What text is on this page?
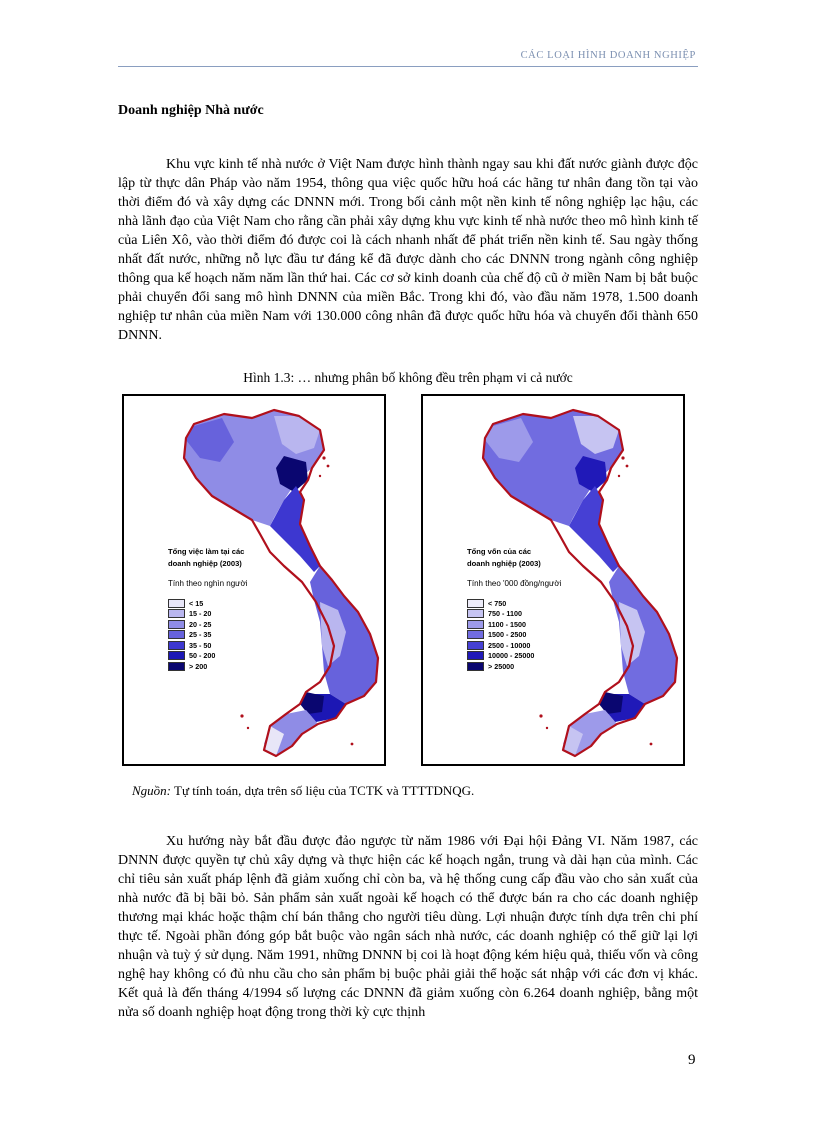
CÁC LOẠI HÌNH DOANH NGHIỆP
Doanh nghiệp Nhà nước

Khu vực kinh tế nhà nước ở Việt Nam được hình thành ngay sau khi đất nước giành được độc lập từ thực dân Pháp vào năm 1954, thông qua việc quốc hữu hoá các hãng tư nhân đang tồn tại vào thời điểm đó và xây dựng các DNNN mới. Trong bối cảnh một nền kinh tế nông nghiệp lạc hậu, các nhà lãnh đạo của Việt Nam cho rằng cần phải xây dựng khu vực kinh tế nhà nước theo mô hình kinh tế của Liên Xô, vào thời điểm đó được coi là cách nhanh nhất để phát triển nền kinh tế. Sau ngày thống nhất đất nước, những nỗ lực đầu tư đáng kể đã được dành cho các DNNN trong ngành công nghiệp thông qua kế hoạch năm năm lần thứ hai. Các cơ sở kinh doanh của chế độ cũ ở miền Nam bị bắt buộc phải chuyển đổi sang mô hình DNNN của miền Bắc. Trong khi đó, vào đầu năm 1978, 1.500 doanh nghiệp tư nhân của miền Nam với 130.000 công nhân đã được quốc hữu hóa và chuyển đổi thành 650 DNNN.

Hình 1.3: … nhưng phân bố không đều trên phạm vi cả nước
Tổng việc làm tại các
doanh nghiệp (2003)
Tính theo nghìn người
< 15
15 - 20
20 - 25
25 - 35
35 - 50
50 - 200
> 200
Tổng vốn của các
doanh nghiệp (2003)
Tính theo '000 đồng/người
< 750
750 - 1100
1100 - 1500
1500 - 2500
2500 - 10000
10000 - 25000
> 25000
Nguồn: Tự tính toán, dựa trên số liệu của TCTK và TTTTDNQG.

Xu hướng này bắt đầu được đảo ngược từ năm 1986 với Đại hội Đảng VI. Năm 1987, các DNNN được quyền tự chủ xây dựng và thực hiện các kế hoạch ngắn, trung và dài hạn của mình. Các chỉ tiêu sản xuất pháp lệnh đã giảm xuống chỉ còn ba, và hệ thống cung cấp đầu vào cho sản xuất của nhà nước đã bị bãi bỏ. Sản phẩm sản xuất ngoài kế hoạch có thể được bán ra cho các doanh nghiệp thương mại khác hoặc thậm chí bán thẳng cho người tiêu dùng. Lợi nhuận được tính dựa trên chi phí thực tế. Ngoài phần đóng góp bắt buộc vào ngân sách nhà nước, các doanh nghiệp có thể giữ lại lợi nhuận và tuỳ ý sử dụng. Năm 1991, những DNNN bị coi là hoạt động kém hiệu quả, thiếu vốn và công nghệ hay không có đủ nhu cầu cho sản phẩm bị buộc phải giải thể hoặc sát nhập với các đơn vị khác. Kết quả là đến tháng 4/1994 số lượng các DNNN đã giảm xuống còn 6.264 doanh nghiệp, bằng một nửa số doanh nghiệp hoạt động trong thời kỳ cực thịnh

9
